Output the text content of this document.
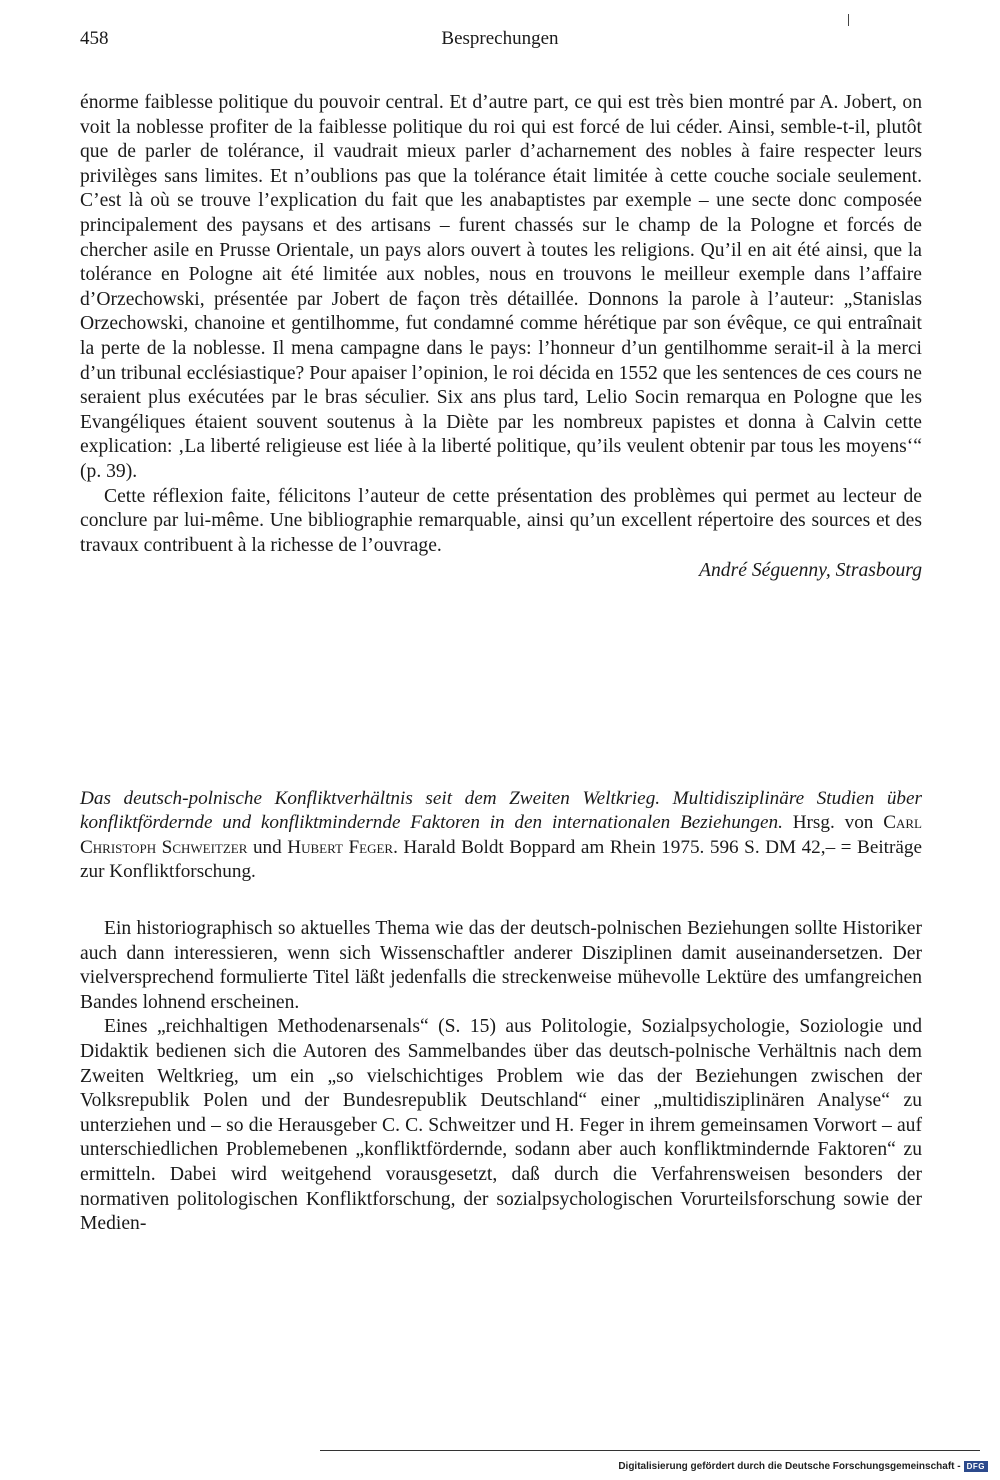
458	Besprechungen

énorme faiblesse politique du pouvoir central. Et d’autre part, ce qui est très bien montré par A. Jobert, on voit la noblesse profiter de la faiblesse politique du roi qui est forcé de lui céder. Ainsi, semble-t-il, plutôt que de parler de tolérance, il vaudrait mieux parler d’acharnement des nobles à faire respecter leurs privilèges sans limites. Et n’oublions pas que la tolérance était limitée à cette couche sociale seulement. C’est là où se trouve l’explication du fait que les anabaptistes par exemple – une secte donc composée principalement des paysans et des artisans – furent chassés sur le champ de la Pologne et forcés de chercher asile en Prusse Orientale, un pays alors ouvert à toutes les religions. Qu’il en ait été ainsi, que la tolérance en Pologne ait été limitée aux nobles, nous en trouvons le meilleur exemple dans l’affaire d’Orzechowski, présentée par Jobert de façon très détaillée. Donnons la parole à l’auteur: „Stanislas Orzechowski, chanoine et gentilhomme, fut condamné comme hérétique par son évêque, ce qui entraînait la perte de la noblesse. Il mena campagne dans le pays: l’honneur d’un gentilhomme serait-il à la merci d’un tribunal ecclésiastique? Pour apaiser l’opinion, le roi décida en 1552 que les sentences de ces cours ne seraient plus exécutées par le bras séculier. Six ans plus tard, Lelio Socin remarqua en Pologne que les Evangéliques étaient souvent soutenus à la Diète par les nombreux papistes et donna à Calvin cette explication: ‚La liberté religieuse est liée à la liberté politique, qu’ils veulent obtenir par tous les moyens‘“ (p. 39).

Cette réflexion faite, félicitons l’auteur de cette présentation des problèmes qui permet au lecteur de conclure par lui-même. Une bibliographie remarquable, ainsi qu’un excellent répertoire des sources et des travaux contribuent à la richesse de l’ouvrage.

André Séguenny, Strasbourg
Das deutsch-polnische Konfliktverhältnis seit dem Zweiten Weltkrieg. Multidisziplinäre Studien über konfliktfördernde und konfliktmindernde Faktoren in den internationalen Beziehungen. Hrsg. von Carl Christoph Schweitzer und Hubert Feger. Harald Boldt Boppard am Rhein 1975. 596 S. DM 42,– = Beiträge zur Konfliktforschung.

Ein historiographisch so aktuelles Thema wie das der deutsch-polnischen Beziehungen sollte Historiker auch dann interessieren, wenn sich Wissenschaftler anderer Disziplinen damit auseinandersetzen. Der vielversprechend formulierte Titel läßt jedenfalls die streckenweise mühevolle Lektüre des umfangreichen Bandes lohnend erscheinen.

Eines „reichhaltigen Methodenarsenals“ (S. 15) aus Politologie, Sozialpsychologie, Soziologie und Didaktik bedienen sich die Autoren des Sammelbandes über das deutsch-polnische Verhältnis nach dem Zweiten Weltkrieg, um ein „so vielschichtiges Problem wie das der Beziehungen zwischen der Volksrepublik Polen und der Bundesrepublik Deutschland“ einer „multidisziplinären Analyse“ zu unterziehen und – so die Herausgeber C. C. Schweitzer und H. Feger in ihrem gemeinsamen Vorwort – auf unterschiedlichen Problemebenen „konfliktfördernde, sodann aber auch konfliktmindernde Faktoren“ zu ermitteln. Dabei wird weitgehend vorausgesetzt, daß durch die Verfahrensweisen besonders der normativen politologischen Konfliktforschung, der sozialpsychologischen Vorurteilsforschung sowie der Medien-

Digitalisierung gefördert durch die Deutsche Forschungsgemeinschaft - DFG
